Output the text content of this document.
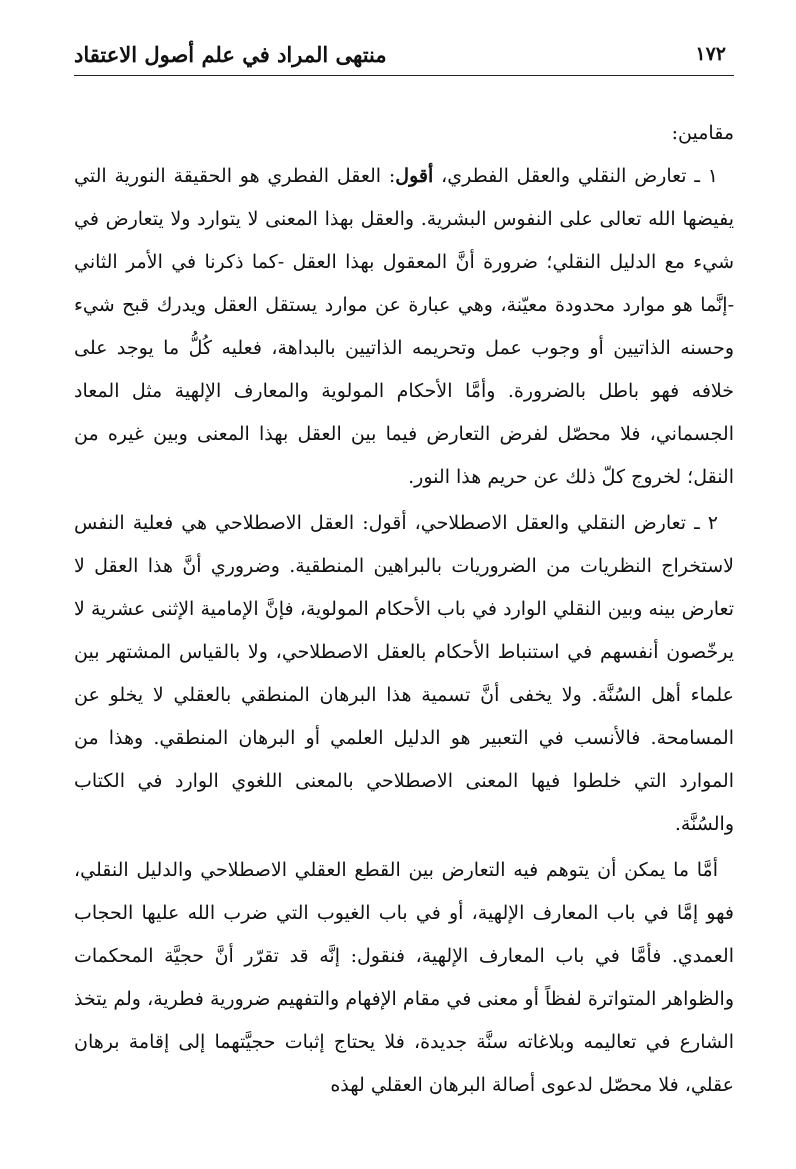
١٧٢
منتهى المراد في علم أصول الاعتقاد

مقامين:

١ ـ تعارض النقلي والعقل الفطري، أقول: العقل الفطري هو الحقيقة النورية التي يفيضها الله تعالى على النفوس البشرية. والعقل بهذا المعنى لا يتوارد ولا يتعارض في شيء مع الدليل النقلي؛ ضرورة أنَّ المعقول بهذا العقل -كما ذكرنا في الأمر الثاني -إنَّما هو موارد محدودة معيّنة، وهي عبارة عن موارد يستقل العقل ويدرك قبح شيء وحسنه الذاتيين أو وجوب عمل وتحريمه الذاتيين بالبداهة، فعليه كُلُّ ما يوجد على خلافه فهو باطل بالضرورة. وأمَّا الأحكام المولوية والمعارف الإلهية مثل المعاد الجسماني، فلا محصّل لفرض التعارض فيما بين العقل بهذا المعنى وبين غيره من النقل؛ لخروج كلّ ذلك عن حريم هذا النور.

٢ ـ تعارض النقلي والعقل الاصطلاحي، أقول: العقل الاصطلاحي هي فعلية النفس لاستخراج النظريات من الضروريات بالبراهين المنطقية. وضروري أنَّ هذا العقل لا تعارض بينه وبين النقلي الوارد في باب الأحكام المولوية، فإنَّ الإمامية الإثنى عشرية لا يرخّصون أنفسهم في استنباط الأحكام بالعقل الاصطلاحي، ولا بالقياس المشتهر بين علماء أهل السُنَّة. ولا يخفى أنَّ تسمية هذا البرهان المنطقي بالعقلي لا يخلو عن المسامحة. فالأنسب في التعبير هو الدليل العلمي أو البرهان المنطقي. وهذا من الموارد التي خلطوا فيها المعنى الاصطلاحي بالمعنى اللغوي الوارد في الكتاب والسُنَّة.

أمَّا ما يمكن أن يتوهم فيه التعارض بين القطع العقلي الاصطلاحي والدليل النقلي، فهو إمَّا في باب المعارف الإلهية، أو في باب الغيوب التي ضرب الله عليها الحجاب العمدي. فأمَّا في باب المعارف الإلهية، فنقول: إنَّه قد تقرّر أنَّ حجيَّة المحكمات والظواهر المتواترة لفظاً أو معنى في مقام الإفهام والتفهيم ضرورية فطرية، ولم يتخذ الشارع في تعاليمه وبلاغاته سنَّة جديدة، فلا يحتاج إثبات حجيَّتهما إلى إقامة برهان عقلي، فلا محصّل لدعوى أصالة البرهان العقلي لهذه
